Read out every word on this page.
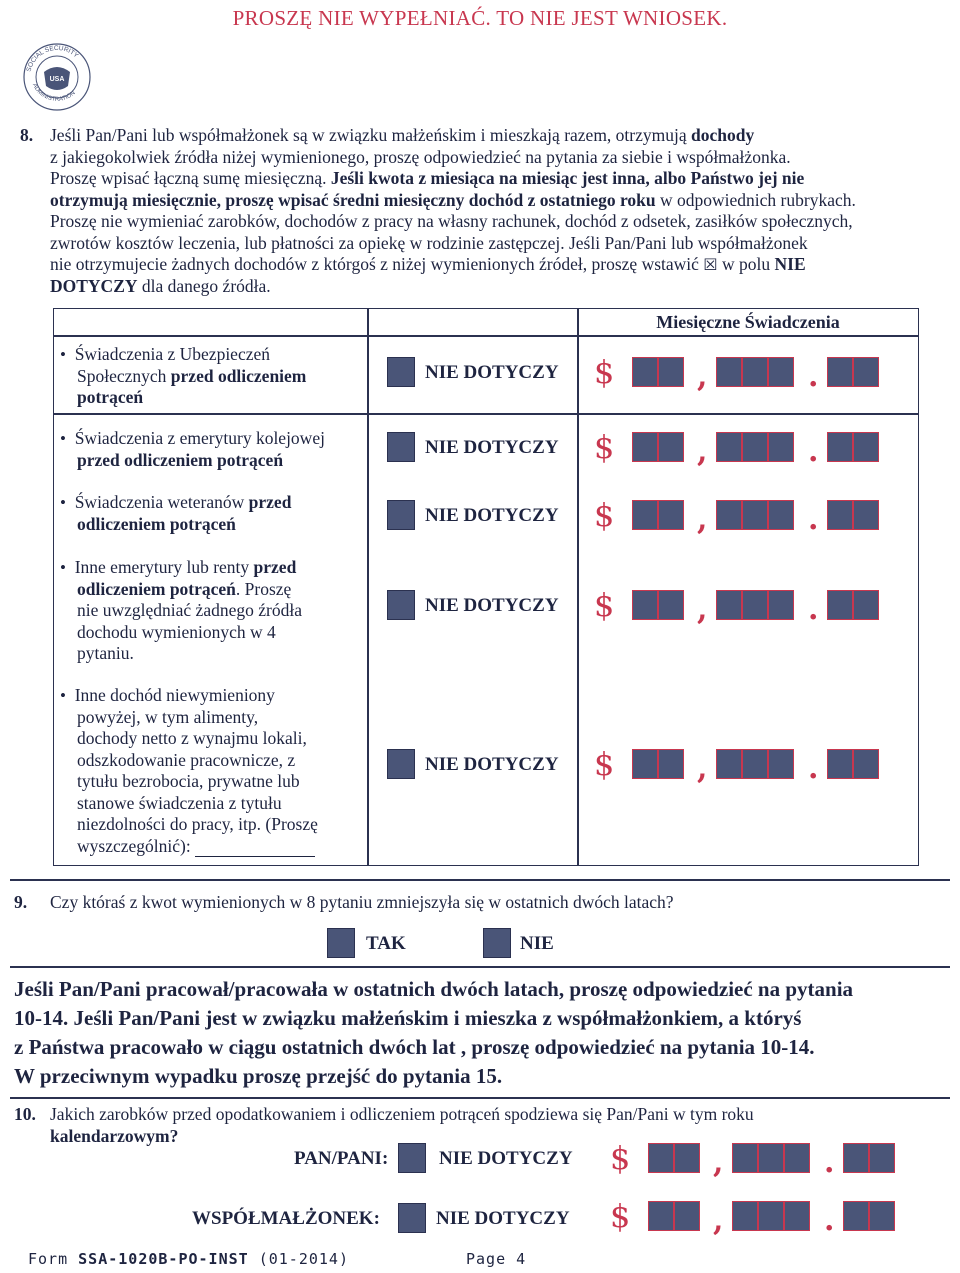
PROSZĘ NIE WYPEŁNIAĆ. TO NIE JEST WNIOSEK.
USA
SOCIAL SECURITY
ADMINISTRATION
8. Jeśli Pan/Pani lub współmałżonek są w związku małżeńskim i mieszkają razem, otrzymują dochody
z jakiegokolwiek źródła niżej wymienionego, proszę odpowiedzieć na pytania za siebie i współmałżonka.
Proszę wpisać łączną sumę miesięczną. Jeśli kwota z miesiąca na miesiąc jest inna, albo Państwo jej nie
otrzymują miesięcznie, proszę wpisać średni miesięczny dochód z ostatniego roku w odpowiednich rubrykach.
Proszę nie wymieniać zarobków, dochodów z pracy na własny rachunek, dochód z odsetek, zasiłków społecznych,
zwrotów kosztów leczenia, lub płatności za opiekę w rodzinie zastępczej. Jeśli Pan/Pani lub współmałżonek
nie otrzymujecie żadnych dochodów z którgoś z niżej wymienionych źródeł, proszę wstawić ☒ w polu NIE
DOTYCZY dla danego źródła.
Miesięczne Świadczenia
• Świadczenia z Ubezpieczeń
Społecznych przed odliczeniem
potrąceń
NIE DOTYCZY $	,	.
• Świadczenia z emerytury kolejowej
przed odliczeniem potrąceń
NIE DOTYCZY $	,	.
• Świadczenia weteranów przed
odliczeniem potrąceń	NIE DOTYCZY $	,	.
• Inne emerytury lub renty przed
odliczeniem potrąceń. Proszę
nie uwzględniać żadnego źródła
dochodu wymienionych w 4
pytaniu.
NIE DOTYCZY $	,	.
• Inne dochód niewymieniony
powyżej, w tym alimenty,
dochody netto z wynajmu lokali,
odszkodowanie pracownicze, z
tytułu bezrobocia, prywatne lub
stanowe świadczenia z tytułu
niezdolności do pracy, itp. (Proszę
wyszczególnić):
NIE DOTYCZY $	,	.
9. Czy któraś z kwot wymienionych w 8 pytaniu zmniejszyła się w ostatnich dwóch latach?
TAK	NIE
Jeśli Pan/Pani pracował/pracowała w ostatnich dwóch latach, proszę odpowiedzieć na pytania
10-14. Jeśli Pan/Pani jest w związku małżeńskim i mieszka z współmałżonkiem, a któryś
z Państwa pracowało w ciągu ostatnich dwóch lat , proszę odpowiedzieć na pytania 10-14.
W przeciwnym wypadku proszę przejść do pytania 15.
10. Jakich zarobków przed opodatkowaniem i odliczeniem potrąceń spodziewa się Pan/Pani w tym roku
kalendarzowym?
PAN/PANI:	NIE DOTYCZY $	,	.
WSPÓŁMAŁŻONEK:	NIE DOTYCZY $	,	.
Form SSA-1020B-PO-INST (01-2014)	Page 4
